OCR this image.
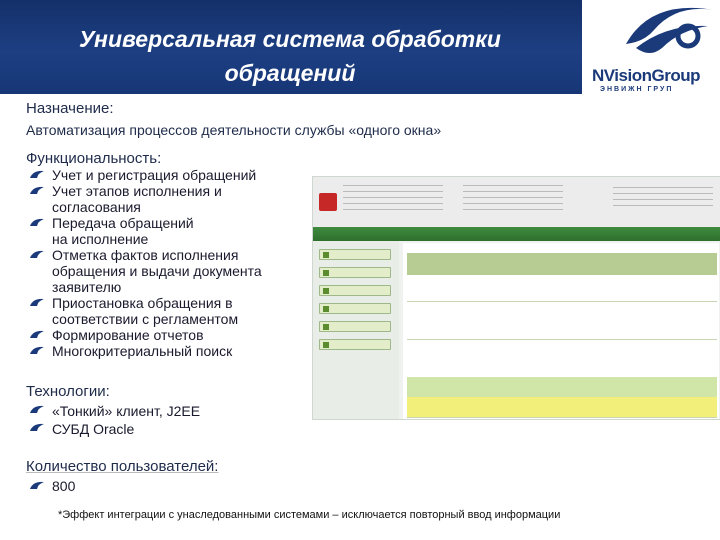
Универсальная система обработки
обращений	NVisionGroup
ЭНВИЖН ГРУП
Назначение:
Автоматизация процессов деятельности службы «одного окна»
Функциональность:
Учет и регистрация обращений
Учет этапов исполнения и
согласования
Передача обращений
на исполнение
Отметка фактов исполнения
обращения и выдачи документа
заявителю
Приостановка обращения в
соответствии с регламентом
Формирование отчетов
Многокритериальный поиск
Технологии:
«Тонкий» клиент, J2EE
СУБД Oracle
Количество пользователей:
800
*Эффект интеграции с унаследованными системами – исключается повторный ввод информации
